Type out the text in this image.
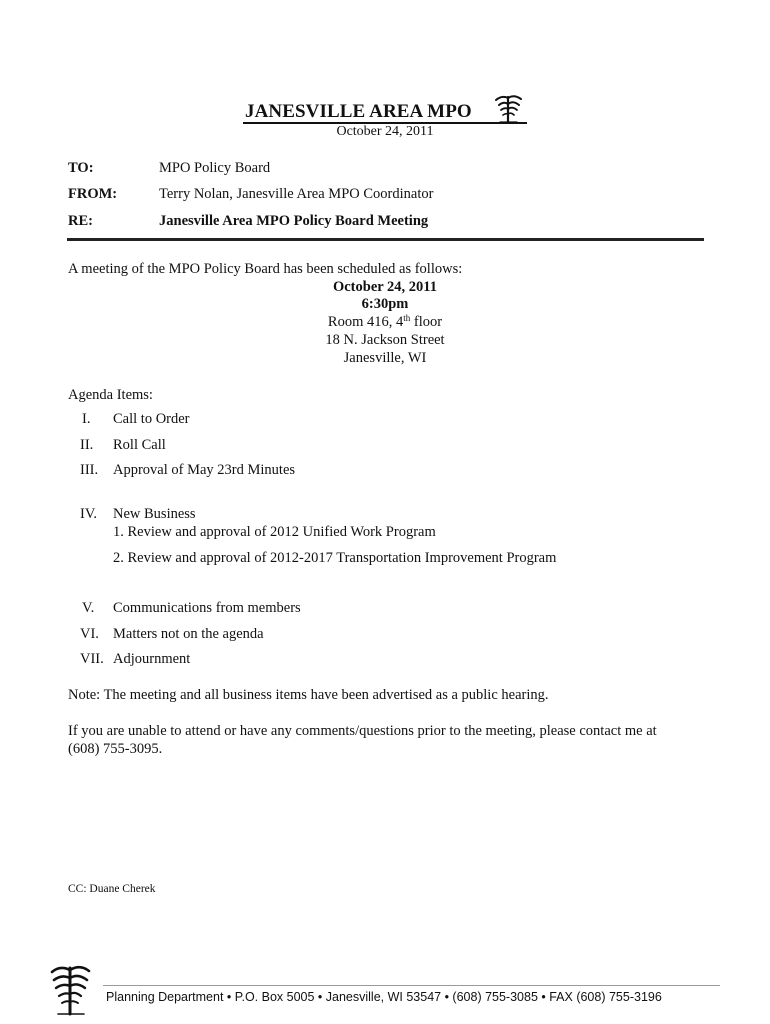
JANESVILLE AREA MPO
October 24, 2011
TO:	MPO Policy Board
FROM:	Terry Nolan, Janesville Area MPO Coordinator
RE:	Janesville Area MPO Policy Board Meeting
A meeting of the MPO Policy Board has been scheduled as follows:
October 24, 2011
6:30pm
Room 416, 4th floor
18 N. Jackson Street
Janesville, WI
Agenda Items:
I. Call to Order
II. Roll Call
III. Approval of May 23rd Minutes
IV. New Business
1. Review and approval of 2012 Unified Work Program
2. Review and approval of 2012-2017 Transportation Improvement Program
V. Communications from members
VI. Matters not on the agenda
VII. Adjournment
Note: The meeting and all business items have been advertised as a public hearing.
If you are unable to attend or have any comments/questions prior to the meeting, please contact me at
(608) 755-3095.
CC: Duane Cherek
Planning Department • P.O. Box 5005 • Janesville, WI 53547 • (608) 755-3085 • FAX (608) 755-3196
